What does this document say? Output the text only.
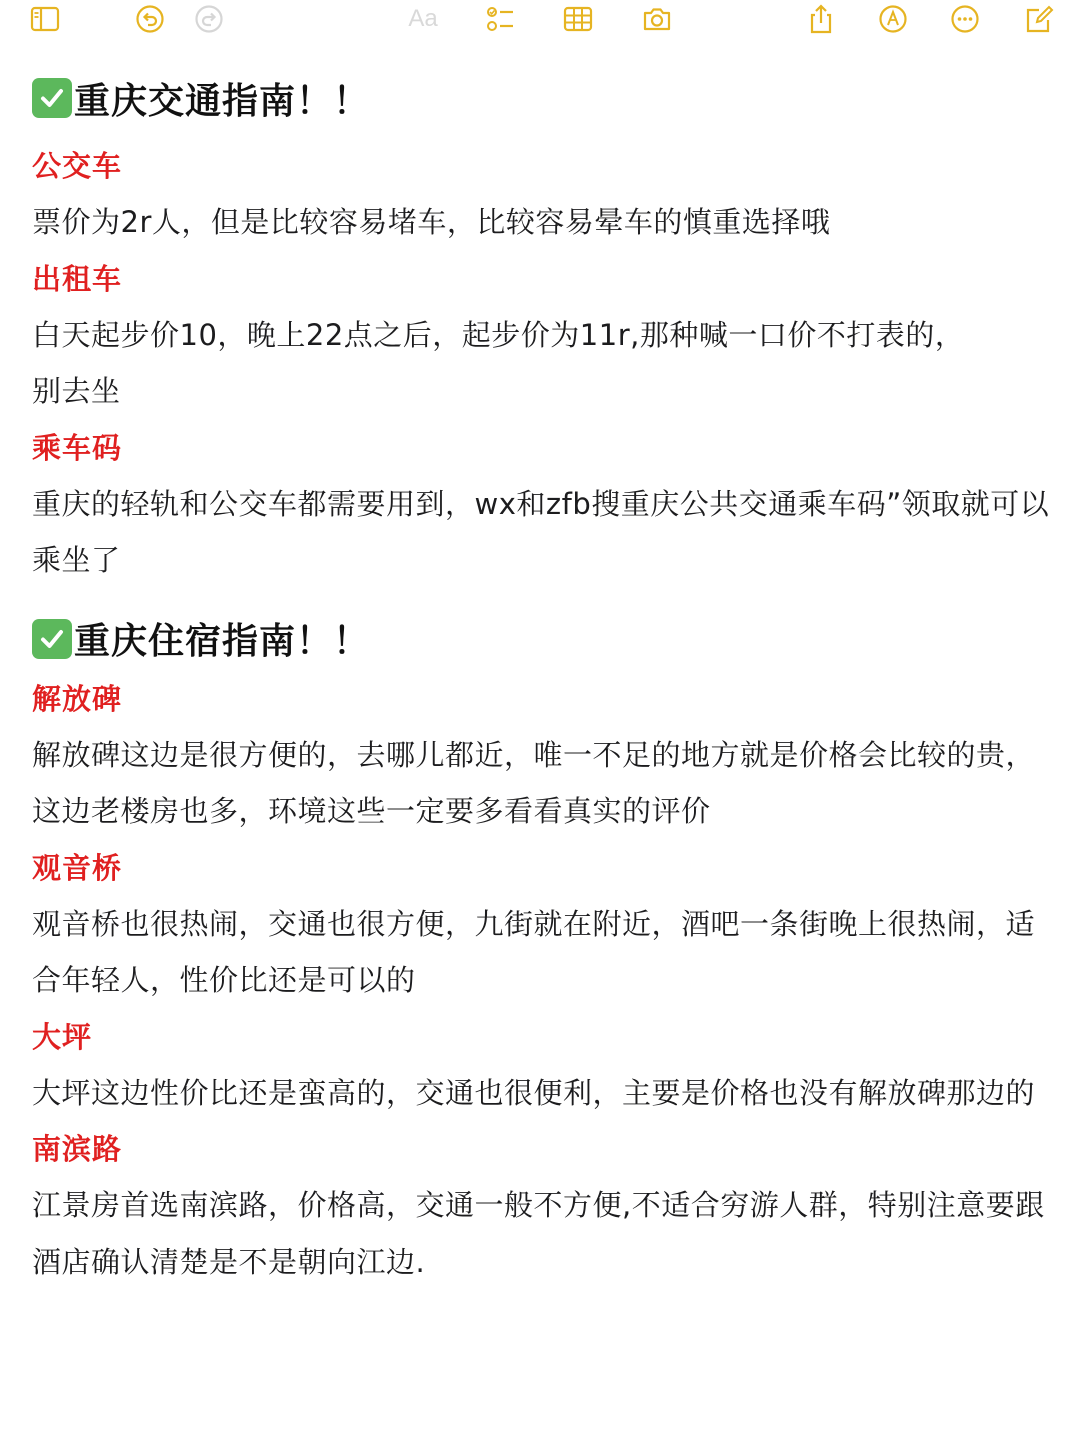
Aa
重庆交通指南！！
公交车
票价为2r人，但是比较容易堵车，比较容易晕车的慎重选择哦
出租车
白天起步价10，晚上22点之后，起步价为11r,那种喊一口价不打表的，别去坐
乘车码
重庆的轻轨和公交车都需要用到，wx和zfb搜重庆公共交通乘车码”领取就可以乘坐了
重庆住宿指南！！
解放碑
解放碑这边是很方便的，去哪儿都近，唯一不足的地方就是价格会比较的贵，这边老楼房也多，环境这些一定要多看看真实的评价
观音桥
观音桥也很热闹，交通也很方便，九街就在附近，酒吧一条街晚上很热闹，适合年轻人，性价比还是可以的
大坪
大坪这边性价比还是蛮高的，交通也很便利，主要是价格也没有解放碑那边的
南滨路
江景房首选南滨路，价格高，交通一般不方便,不适合穷游人群，特别注意要跟酒店确认清楚是不是朝向江边.
